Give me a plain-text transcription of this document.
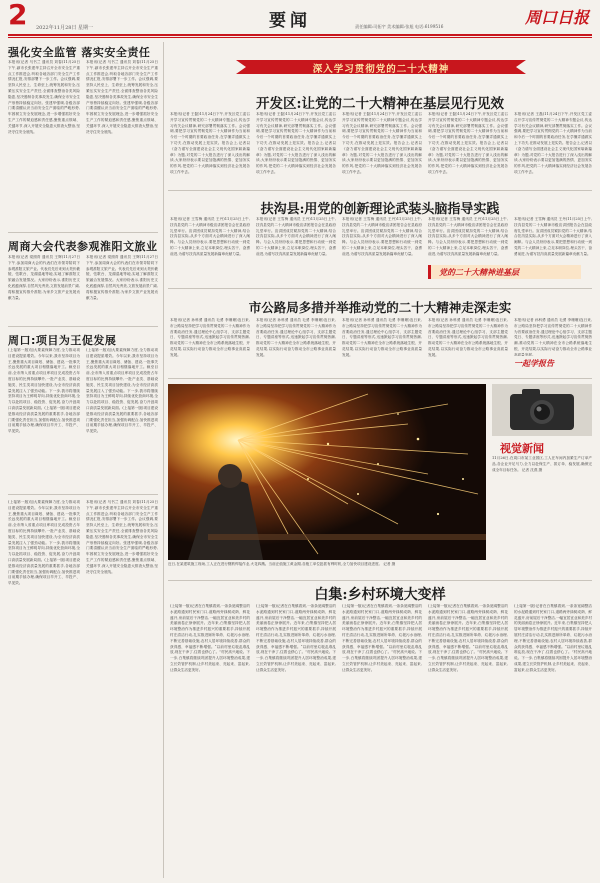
2 2022年11月28日 星期一	要闻	责任编辑:司拓宇 美术编辑:张旭 电话:6199516	周口日报
强化安全监管 落实安全责任
本报讯(记者 马书兰 通讯员 刘春)11月25日下午,副市长张建华主持召开全市安全生产重点工作推进会,听取各地各部门安全生产工作情况汇报,安排部署下一步工作。会议强调,要坚持人民至上、生命至上,统筹发展和安全,压紧压实安全生产责任,全面排查整治各类风险隐患,坚决遏制各类事故发生,确保全市安全生产形势持续稳定向好。张建华强调,各级各部门要清醒认识当前安全生产面临的严峻形势,牢固树立安全发展理念,进一步增强抓好安全生产工作的紧迫感和责任感,聚焦重点领域、关键环节,深入开展安全隐患大排查大整治,坚决守住安全底线。
本报讯(记者 马书兰 通讯员 刘春)11月25日下午,副市长张建华主持召开全市安全生产重点工作推进会,听取各地各部门安全生产工作情况汇报,安排部署下一步工作。会议强调,要坚持人民至上、生命至上,统筹发展和安全,压紧压实安全生产责任,全面排查整治各类风险隐患,坚决遏制各类事故发生,确保全市安全生产形势持续稳定向好。张建华强调,各级各部门要清醒认识当前安全生产面临的严峻形势,牢固树立安全发展理念,进一步增强抓好安全生产工作的紧迫感和责任感,聚焦重点领域、关键环节,深入开展安全隐患大排查大整治,坚决守住安全底线。
周商大会代表参观淮阳文旅业
本报讯(记者 梁照青 通讯员 王辉)11月27日下午,参加周商大会的代表们在市领导陪同下参观淮阳文旅产业。代表们先后来到太昊伏羲陵、弦歌台、龙湖湿地等地,实地了解淮阳文旅融合发展情况。大家纷纷表示,淮阳历史文化底蕴深厚,自然风光秀美,文旅发展前景广阔,将积极宣传推介淮阳,为家乡文旅产业发展贡献力量。
本报讯(记者 梁照青 通讯员 王辉)11月27日下午,参加周商大会的代表们在市领导陪同下参观淮阳文旅产业。代表们先后来到太昊伏羲陵、弦歌台、龙湖湿地等地,实地了解淮阳文旅融合发展情况。大家纷纷表示,淮阳历史文化底蕴深厚,自然风光秀美,文旅发展前景广阔,将积极宣传推介淮阳,为家乡文旅产业发展贡献力量。
周口:项目为王促发展
(上接第一版)加大要素保障力度,全力推动项目建设提质增效。今年以来,我市坚持项目为王,聚焦重大项目谋划、储备、建设,一批事关长远发展的重大项目相继落地开工。截至目前,全市纳入省重点项目库项目完成投资占年度目标的比例持续攀升,一批产业类、基础设施类、民生类项目加快建设,为全市经济高质量发展注入了强劲动能。下一步,我市将继续坚持项目为王鲜明导向,持续优化营商环境,全力以赴抓项目、稳投资、促发展,奋力开创周口高质量发展新局面。(上接第一版)项目建设是推动经济高质量发展的重要抓手,各地各部门要强化责任担当,加强协调配合,加快推进项目前期手续办理,确保项目早开工、早投产、早见效。
(上接第一版)加大要素保障力度,全力推动项目建设提质增效。今年以来,我市坚持项目为王,聚焦重大项目谋划、储备、建设,一批事关长远发展的重大项目相继落地开工。截至目前,全市纳入省重点项目库项目完成投资占年度目标的比例持续攀升,一批产业类、基础设施类、民生类项目加快建设,为全市经济高质量发展注入了强劲动能。下一步,我市将继续坚持项目为王鲜明导向,持续优化营商环境,全力以赴抓项目、稳投资、促发展,奋力开创周口高质量发展新局面。(上接第一版)项目建设是推动经济高质量发展的重要抓手,各地各部门要强化责任担当,加强协调配合,加快推进项目前期手续办理,确保项目早开工、早投产、早见效。
(上接第一版)加大要素保障力度,全力推动项目建设提质增效。今年以来,我市坚持项目为王,聚焦重大项目谋划、储备、建设,一批事关长远发展的重大项目相继落地开工。截至目前,全市纳入省重点项目库项目完成投资占年度目标的比例持续攀升,一批产业类、基础设施类、民生类项目加快建设,为全市经济高质量发展注入了强劲动能。下一步,我市将继续坚持项目为王鲜明导向,持续优化营商环境,全力以赴抓项目、稳投资、促发展,奋力开创周口高质量发展新局面。(上接第一版)项目建设是推动经济高质量发展的重要抓手,各地各部门要强化责任担当,加强协调配合,加快推进项目前期手续办理,确保项目早开工、早投产、早见效。
本报讯(记者 马书兰 通讯员 刘春)11月25日下午,副市长张建华主持召开全市安全生产重点工作推进会,听取各地各部门安全生产工作情况汇报,安排部署下一步工作。会议强调,要坚持人民至上、生命至上,统筹发展和安全,压紧压实安全生产责任,全面排查整治各类风险隐患,坚决遏制各类事故发生,确保全市安全生产形势持续稳定向好。张建华强调,各级各部门要清醒认识当前安全生产面临的严峻形势,牢固树立安全发展理念,进一步增强抓好安全生产工作的紧迫感和责任感,聚焦重点领域、关键环节,深入开展安全隐患大排查大整治,坚决守住安全底线。
深入学习贯彻党的二十大精神
开发区:让党的二十大精神在基层见行见效
本报讯(记者 王磊)11月24日下午,开发区党工委召开学习宣传贯彻党的二十大精神专题会议,传达学习有关会议精神,研究部署贯彻落实工作。会议强调,要把学习宣传贯彻党的二十大精神作为当前和今后一个时期的首要政治任务,在学懂弄通做实上下功夫,在推动发展上见实效。报告会上,记者以《奋力谱写全面建设社会主义现代化国家崭新篇章》为题,对党的二十大报告进行了深入浅出的解读,大家纷纷表示要以更加饱满的热情、更加务实的作风,把党的二十大精神落实到经济社会发展各项工作中去。
本报讯(记者 王磊)11月24日下午,开发区党工委召开学习宣传贯彻党的二十大精神专题会议,传达学习有关会议精神,研究部署贯彻落实工作。会议强调,要把学习宣传贯彻党的二十大精神作为当前和今后一个时期的首要政治任务,在学懂弄通做实上下功夫,在推动发展上见实效。报告会上,记者以《奋力谱写全面建设社会主义现代化国家崭新篇章》为题,对党的二十大报告进行了深入浅出的解读,大家纷纷表示要以更加饱满的热情、更加务实的作风,把党的二十大精神落实到经济社会发展各项工作中去。
本报讯(记者 王磊)11月24日下午,开发区党工委召开学习宣传贯彻党的二十大精神专题会议,传达学习有关会议精神,研究部署贯彻落实工作。会议强调,要把学习宣传贯彻党的二十大精神作为当前和今后一个时期的首要政治任务,在学懂弄通做实上下功夫,在推动发展上见实效。报告会上,记者以《奋力谱写全面建设社会主义现代化国家崭新篇章》为题,对党的二十大报告进行了深入浅出的解读,大家纷纷表示要以更加饱满的热情、更加务实的作风,把党的二十大精神落实到经济社会发展各项工作中去。
本报讯(记者 王磊)11月24日下午,开发区党工委召开学习宣传贯彻党的二十大精神专题会议,传达学习有关会议精神,研究部署贯彻落实工作。会议强调,要把学习宣传贯彻党的二十大精神作为当前和今后一个时期的首要政治任务,在学懂弄通做实上下功夫,在推动发展上见实效。报告会上,记者以《奋力谱写全面建设社会主义现代化国家崭新篇章》为题,对党的二十大报告进行了深入浅出的解读,大家纷纷表示要以更加饱满的热情、更加务实的作风,把党的二十大精神落实到经济社会发展各项工作中去。
本报讯(记者 王磊)11月24日下午,开发区党工委召开学习宣传贯彻党的二十大精神专题会议,传达学习有关会议精神,研究部署贯彻落实工作。会议强调,要把学习宣传贯彻党的二十大精神作为当前和今后一个时期的首要政治任务,在学懂弄通做实上下功夫,在推动发展上见实效。报告会上,记者以《奋力谱写全面建设社会主义现代化国家崭新篇章》为题,对党的二十大报告进行了深入浅出的解读,大家纷纷表示要以更加饱满的热情、更加务实的作风,把党的二十大精神落实到经济社会发展各项工作中去。
扶沟县:用党的创新理论武装头脑指导实践
本报讯(记者 王雪梅 通讯员 王丹)11月25日上午,扶沟县党的二十大精神市级宣讲团报告会在县政府礼堂举行。宣讲团成员紧扣党的二十大精神,结合扶沟县实际,从多个方面对大会精神进行了深入阐释。与会人员纷纷表示,要把思想和行动统一到党的二十大精神上来,立足本职岗位,埋头苦干、奋勇前进,为谱写扶沟高质量发展新篇章贡献力量。
本报讯(记者 王雪梅 通讯员 王丹)11月25日上午,扶沟县党的二十大精神市级宣讲团报告会在县政府礼堂举行。宣讲团成员紧扣党的二十大精神,结合扶沟县实际,从多个方面对大会精神进行了深入阐释。与会人员纷纷表示,要把思想和行动统一到党的二十大精神上来,立足本职岗位,埋头苦干、奋勇前进,为谱写扶沟高质量发展新篇章贡献力量。
本报讯(记者 王雪梅 通讯员 王丹)11月25日上午,扶沟县党的二十大精神市级宣讲团报告会在县政府礼堂举行。宣讲团成员紧扣党的二十大精神,结合扶沟县实际,从多个方面对大会精神进行了深入阐释。与会人员纷纷表示,要把思想和行动统一到党的二十大精神上来,立足本职岗位,埋头苦干、奋勇前进,为谱写扶沟高质量发展新篇章贡献力量。
本报讯(记者 王雪梅 通讯员 王丹)11月25日上午,扶沟县党的二十大精神市级宣讲团报告会在县政府礼堂举行。宣讲团成员紧扣党的二十大精神,结合扶沟县实际,从多个方面对大会精神进行了深入阐释。与会人员纷纷表示,要把思想和行动统一到党的二十大精神上来,立足本职岗位,埋头苦干、奋勇前进,为谱写扶沟高质量发展新篇章贡献力量。
本报讯(记者 王雪梅 通讯员 王丹)11月25日上午,扶沟县党的二十大精神市级宣讲团报告会在县政府礼堂举行。宣讲团成员紧扣党的二十大精神,结合扶沟县实际,从多个方面对大会精神进行了深入阐释。与会人员纷纷表示,要把思想和行动统一到党的二十大精神上来,立足本职岗位,埋头苦干、奋勇前进,为谱写扶沟高质量发展新篇章贡献力量。
党的二十大精神进基层
市公路局多措并举推动党的二十大精神走深走实
本报讯(记者 孙科勇 通讯员 毛勇 李珊珊)连日来,市公路局坚持把学习宣传贯彻党的二十大精神作为首要政治任务,通过理论中心组学习、支部主题党日、专题讲座等形式,迅速掀起学习宣传贯彻热潮,推动党的二十大精神在全市公路系统落地生根、开花结果,以实际行动奋力推动全市公路事业高质量发展。
本报讯(记者 孙科勇 通讯员 毛勇 李珊珊)连日来,市公路局坚持把学习宣传贯彻党的二十大精神作为首要政治任务,通过理论中心组学习、支部主题党日、专题讲座等形式,迅速掀起学习宣传贯彻热潮,推动党的二十大精神在全市公路系统落地生根、开花结果,以实际行动奋力推动全市公路事业高质量发展。
本报讯(记者 孙科勇 通讯员 毛勇 李珊珊)连日来,市公路局坚持把学习宣传贯彻党的二十大精神作为首要政治任务,通过理论中心组学习、支部主题党日、专题讲座等形式,迅速掀起学习宣传贯彻热潮,推动党的二十大精神在全市公路系统落地生根、开花结果,以实际行动奋力推动全市公路事业高质量发展。
本报讯(记者 孙科勇 通讯员 毛勇 李珊珊)连日来,市公路局坚持把学习宣传贯彻党的二十大精神作为首要政治任务,通过理论中心组学习、支部主题党日、专题讲座等形式,迅速掀起学习宣传贯彻热潮,推动党的二十大精神在全市公路系统落地生根、开花结果,以实际行动奋力推动全市公路事业高质量发展。
本报讯(记者 孙科勇 通讯员 毛勇 李珊珊)连日来,市公路局坚持把学习宣传贯彻党的二十大精神作为首要政治任务,通过理论中心组学习、支部主题党日、专题讲座等形式,迅速掀起学习宣传贯彻热潮,推动党的二十大精神在全市公路系统落地生根、开花结果,以实际行动奋力推动全市公路事业高质量发展。
一起学报告
视觉新闻
11月26日,在周口市某工业园区,工人在车间内加紧生产订单产品,各企业开足马力,全力以赴保生产、抓订单、稳发展,确保完成全年目标任务。 记者 沈燕 摄
近日,在某建筑施工现场,工人正在进行钢筋焊接作业,火花四溅。当前正值施工黄金期,各施工单位抢抓有利时机,全力加快项目建设进度。 记者 摄
白集:乡村环境大变样
(上接第一版)记者在白集镇看到,一条条宽阔整洁的水泥路通到村民家门口,道路两旁绿树成荫、鲜花盛开,房前屋后干净整洁,一幅宜居宜业和美乡村的美丽画卷正徐徐展开。近年来,白集镇坚持把人居环境整治作为推进乡村振兴的重要抓手,持续开展村庄清洁行动,扎实推进厕所革命、垃圾污水治理,不断完善基础设施,农村人居环境持续改善,群众的获得感、幸福感不断增强。“以前村里垃圾乱堆乱放,现在干净了,住着也舒心了。”村民高兴地说。下一步,白集镇将继续巩固提升人居环境整治成果,建立长效管护机制,让乡村美起来、亮起来、富起来,让群众生活更美好。
(上接第一版)记者在白集镇看到,一条条宽阔整洁的水泥路通到村民家门口,道路两旁绿树成荫、鲜花盛开,房前屋后干净整洁,一幅宜居宜业和美乡村的美丽画卷正徐徐展开。近年来,白集镇坚持把人居环境整治作为推进乡村振兴的重要抓手,持续开展村庄清洁行动,扎实推进厕所革命、垃圾污水治理,不断完善基础设施,农村人居环境持续改善,群众的获得感、幸福感不断增强。“以前村里垃圾乱堆乱放,现在干净了,住着也舒心了。”村民高兴地说。下一步,白集镇将继续巩固提升人居环境整治成果,建立长效管护机制,让乡村美起来、亮起来、富起来,让群众生活更美好。
(上接第一版)记者在白集镇看到,一条条宽阔整洁的水泥路通到村民家门口,道路两旁绿树成荫、鲜花盛开,房前屋后干净整洁,一幅宜居宜业和美乡村的美丽画卷正徐徐展开。近年来,白集镇坚持把人居环境整治作为推进乡村振兴的重要抓手,持续开展村庄清洁行动,扎实推进厕所革命、垃圾污水治理,不断完善基础设施,农村人居环境持续改善,群众的获得感、幸福感不断增强。“以前村里垃圾乱堆乱放,现在干净了,住着也舒心了。”村民高兴地说。下一步,白集镇将继续巩固提升人居环境整治成果,建立长效管护机制,让乡村美起来、亮起来、富起来,让群众生活更美好。
(上接第一版)记者在白集镇看到,一条条宽阔整洁的水泥路通到村民家门口,道路两旁绿树成荫、鲜花盛开,房前屋后干净整洁,一幅宜居宜业和美乡村的美丽画卷正徐徐展开。近年来,白集镇坚持把人居环境整治作为推进乡村振兴的重要抓手,持续开展村庄清洁行动,扎实推进厕所革命、垃圾污水治理,不断完善基础设施,农村人居环境持续改善,群众的获得感、幸福感不断增强。“以前村里垃圾乱堆乱放,现在干净了,住着也舒心了。”村民高兴地说。下一步,白集镇将继续巩固提升人居环境整治成果,建立长效管护机制,让乡村美起来、亮起来、富起来,让群众生活更美好。
(上接第一版)记者在白集镇看到,一条条宽阔整洁的水泥路通到村民家门口,道路两旁绿树成荫、鲜花盛开,房前屋后干净整洁,一幅宜居宜业和美乡村的美丽画卷正徐徐展开。近年来,白集镇坚持把人居环境整治作为推进乡村振兴的重要抓手,持续开展村庄清洁行动,扎实推进厕所革命、垃圾污水治理,不断完善基础设施,农村人居环境持续改善,群众的获得感、幸福感不断增强。“以前村里垃圾乱堆乱放,现在干净了,住着也舒心了。”村民高兴地说。下一步,白集镇将继续巩固提升人居环境整治成果,建立长效管护机制,让乡村美起来、亮起来、富起来,让群众生活更美好。
